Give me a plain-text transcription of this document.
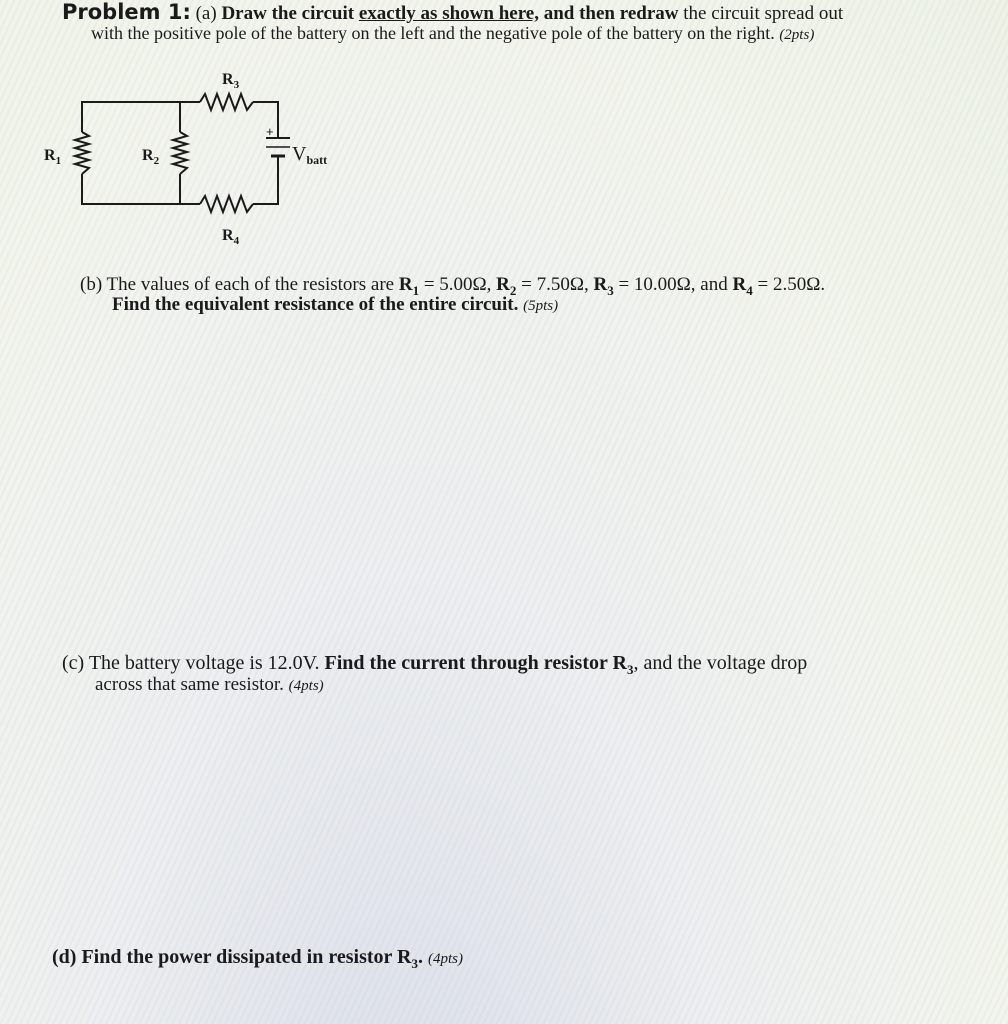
Problem 1: (a) Draw the circuit exactly as shown here, and then redraw the circuit spread out
with the positive pole of the battery on the left and the negative pole of the battery on the right. (2pts)
$R_3$
$R_1$	$R_2$
+
$V_{batt}$
$R_4$
(b) The values of each of the resistors are $R_1 = 5.00\Omega$, $R_2 = 7.50\Omega$, $R_3 = 10.00\Omega$, and $R_4 = 2.50\Omega$.
Find the equivalent resistance of the entire circuit. (5pts)
(c) The battery voltage is 12.0V. Find the current through resistor $R_3$, and the voltage drop
across that same resistor. (4pts)
(d) Find the power dissipated in resistor $R_3$. (4pts)
